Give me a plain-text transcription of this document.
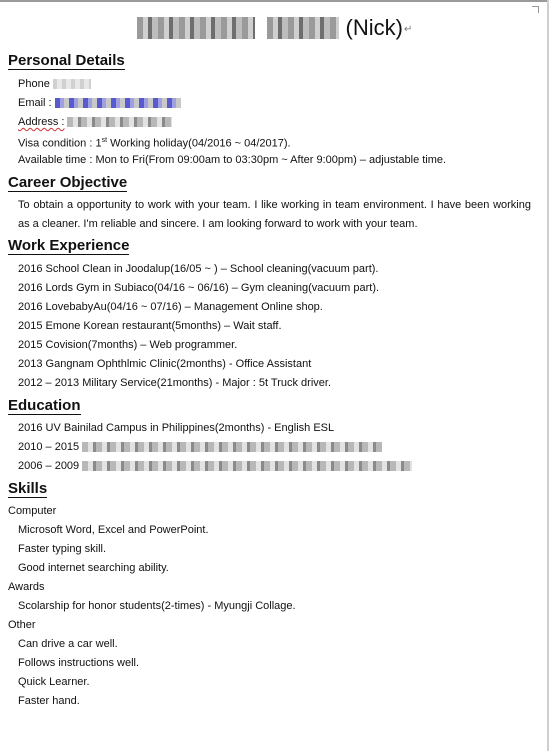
(Nick)↵
Personal Details
Phone
Email :
Address :
Visa condition : 1st Working holiday(04/2016 ~ 04/2017).
Available time : Mon to Fri(From 09:00am to 03:30pm ~ After 9:00pm) – adjustable time.
Career Objective
To obtain a opportunity to work with your team. I like working in team environment. I have been working as a cleaner. I'm reliable and sincere. I am looking forward to work with your team.
Work Experience
2016 School Clean in Joodalup(16/05 ~ ) – School cleaning(vacuum part).
2016 Lords Gym in Subiaco(04/16 ~ 06/16) – Gym cleaning(vacuum part).
2016 LovebabyAu(04/16 ~ 07/16) – Management Online shop.
2015 Emone Korean restaurant(5months) – Wait staff.
2015 Covision(7months) – Web programmer.
2013 Gangnam Ophthlmic Clinic(2months) - Office Assistant
2012 – 2013 Military Service(21months) - Major : 5t Truck driver.
Education
2016 UV Bainilad Campus in Philippines(2months) - English ESL
2010 – 2015
2006 – 2009
Skills
Computer
Microsoft Word, Excel and PowerPoint.
Faster typing skill.
Good internet searching ability.
Awards
Scolarship for honor students(2-times) - Myungji Collage.
Other
Can drive a car well.
Follows instructions well.
Quick Learner.
Faster hand.
